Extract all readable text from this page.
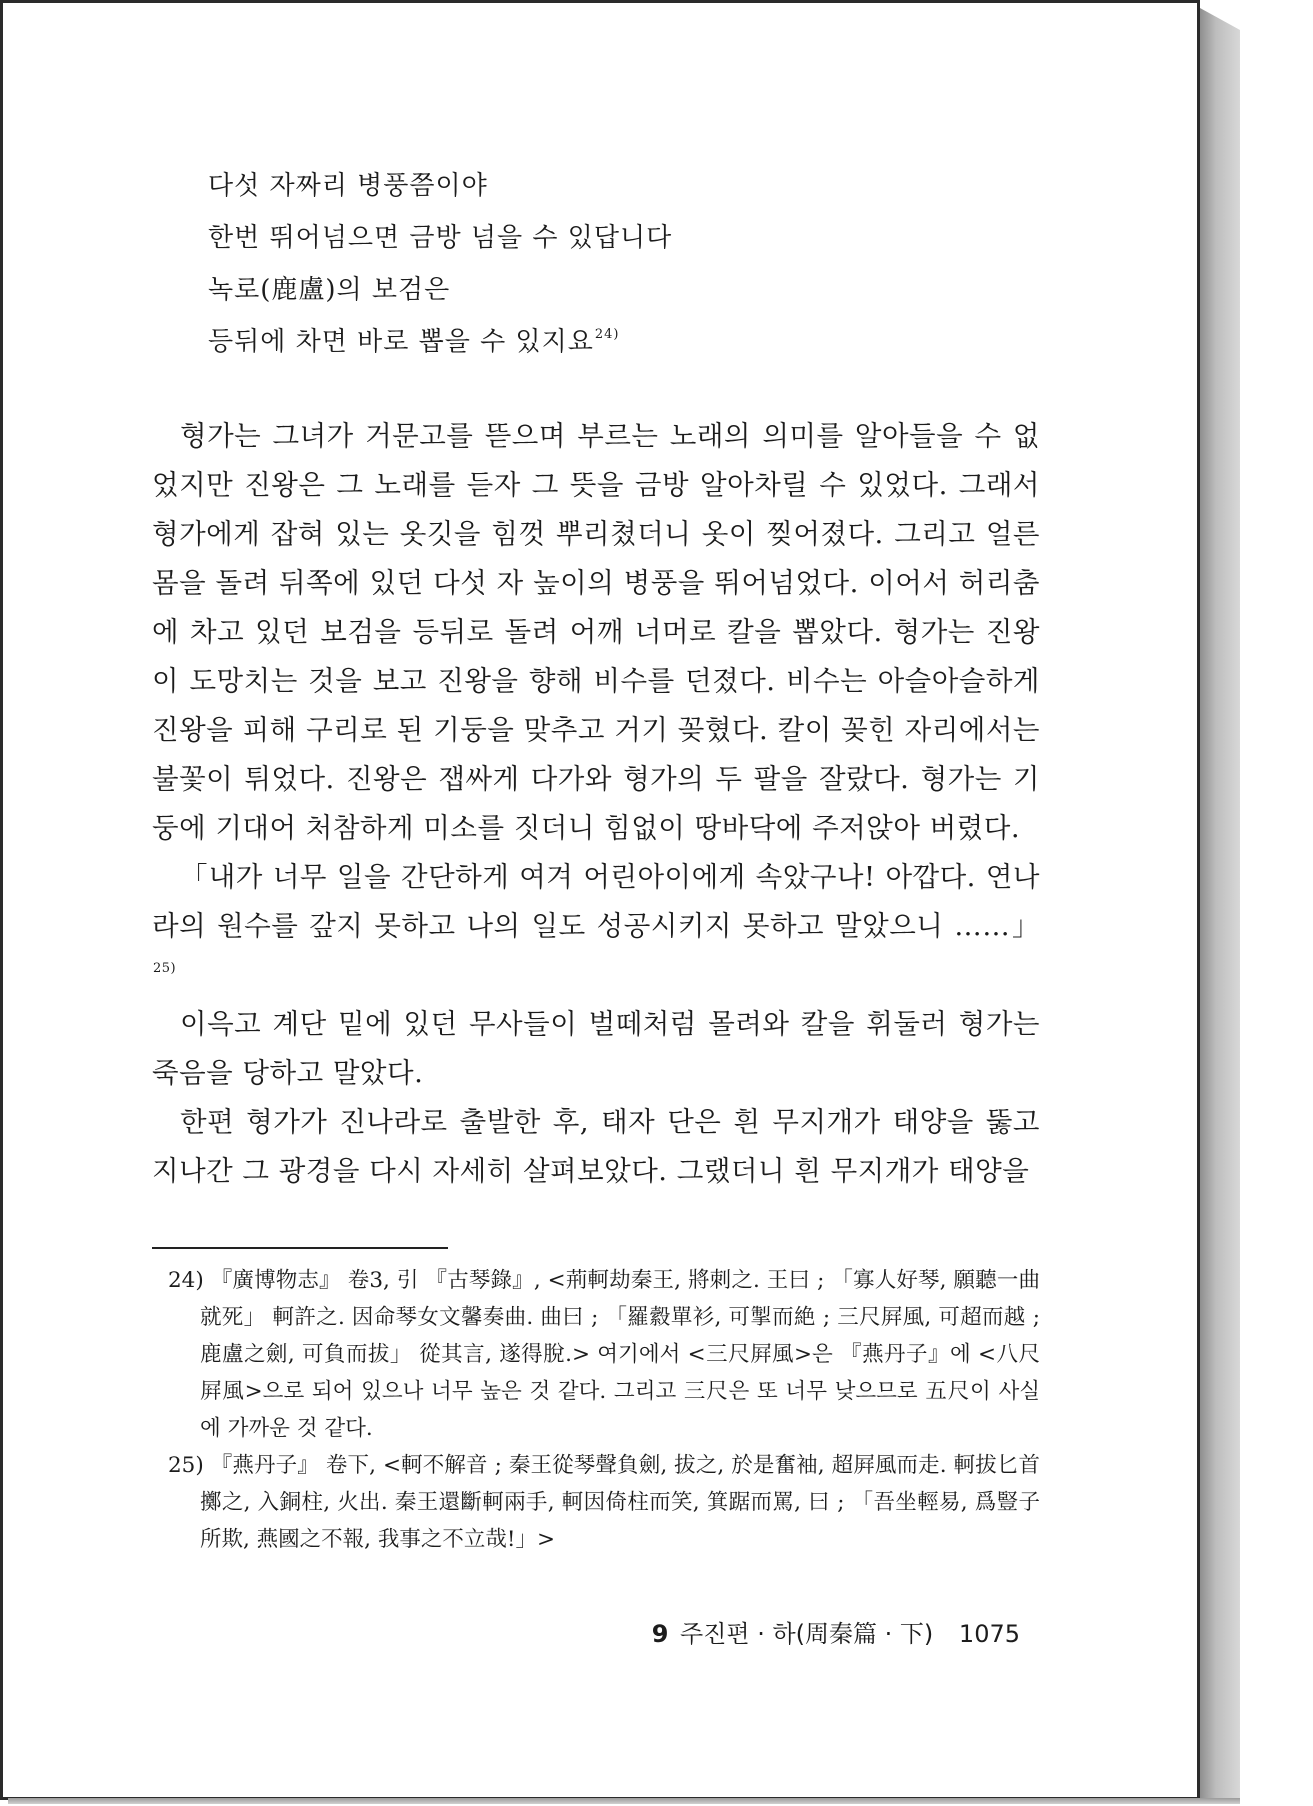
다섯 자짜리 병풍쯤이야
한번 뛰어넘으면 금방 넘을 수 있답니다
녹로(鹿盧)의 보검은
등뒤에 차면 바로 뽑을 수 있지요$^{24)}$

형가는 그녀가 거문고를 뜯으며 부르는 노래의 의미를 알아들을 수 없었지만 진왕은 그 노래를 듣자 그 뜻을 금방 알아차릴 수 있었다. 그래서 형가에게 잡혀 있는 옷깃을 힘껏 뿌리쳤더니 옷이 찢어졌다. 그리고 얼른 몸을 돌려 뒤쪽에 있던 다섯 자 높이의 병풍을 뛰어넘었다. 이어서 허리춤에 차고 있던 보검을 등뒤로 돌려 어깨 너머로 칼을 뽑았다. 형가는 진왕이 도망치는 것을 보고 진왕을 향해 비수를 던졌다. 비수는 아슬아슬하게 진왕을 피해 구리로 된 기둥을 맞추고 거기 꽂혔다. 칼이 꽂힌 자리에서는 불꽃이 튀었다. 진왕은 잽싸게 다가와 형가의 두 팔을 잘랐다. 형가는 기둥에 기대어 처참하게 미소를 짓더니 힘없이 땅바닥에 주저앉아 버렸다.

「내가 너무 일을 간단하게 여겨 어린아이에게 속았구나! 아깝다. 연나라의 원수를 갚지 못하고 나의 일도 성공시키지 못하고 말았으니 ……」$^{25)}$

이윽고 계단 밑에 있던 무사들이 벌떼처럼 몰려와 칼을 휘둘러 형가는 죽음을 당하고 말았다.

한편 형가가 진나라로 출발한 후, 태자 단은 흰 무지개가 태양을 뚫고 지나간 그 광경을 다시 자세히 살펴보았다. 그랬더니 흰 무지개가 태양을

24) 『廣博物志』 卷3, 引 『古琴錄』, <荊軻劫秦王, 將刺之. 王曰 ; 「寡人好琴, 願聽一曲就死」 軻許之. 因命琴女文馨奏曲. 曲曰 ; 「羅縠單衫, 可掣而絶 ; 三尺屛風, 可超而越 ; 鹿盧之劍, 可負而拔」 從其言, 遂得脫.> 여기에서 <三尺屛風>은 『燕丹子』에 <八尺屛風>으로 되어 있으나 너무 높은 것 같다. 그리고 三尺은 또 너무 낮으므로 五尺이 사실에 가까운 것 같다.

25) 『燕丹子』 卷下, <軻不解音 ; 秦王從琴聲負劍, 拔之, 於是奮袖, 超屛風而走. 軻拔匕首擲之, 入銅柱, 火出. 秦王還斷軻兩手, 軻因倚柱而笑, 箕踞而罵, 曰 ; 「吾坐輕易, 爲豎子所欺, 燕國之不報, 我事之不立哉!」>

9 주진편 · 하(周秦篇 · 下) 1075
